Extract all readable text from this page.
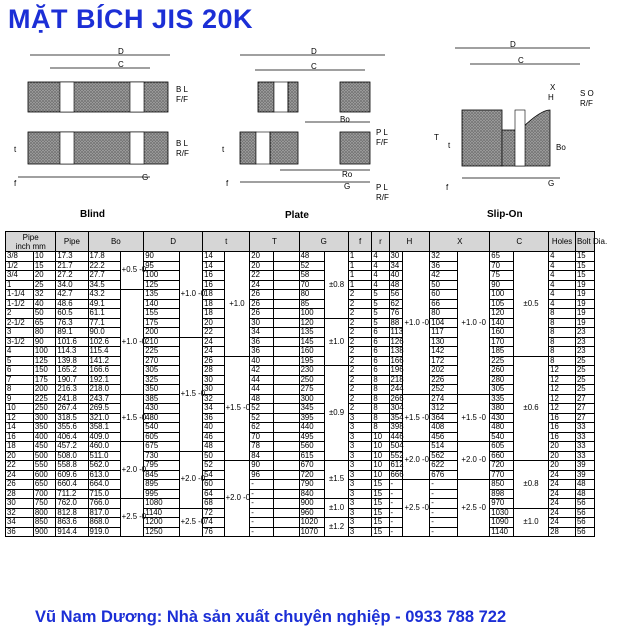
MẶT BÍCH JIS 20K
D
C
B L
F/F
B L
R/F
t
f
G
Blind
D
C
Bo
P L
F/F
P L
R/F
t
f
Ro
G
Plate
D
C
X
H	S O
R/F
Bo
T
t
f	G
Slip-On
Pipe
inch mm		Pipe	Bo		D		t		T		G		f	r	H		X		C		Holes	Bolt Dia.
3/8	10	17.3	17.8	+0.5 -0	90	+1.0 -0	14	+1.0	20		48	±0.8	1	4	30	+1.0 -0	32	+1.0 -0	65	±0.5	4	15
1/2	15	21.7	22.2		95		14		20		52		1	4	34		36		70		4	15
3/4	20	27.2	27.7		100		16		22		58		1	4	40		42		75		4	15
1	25	34.0	34.5		125		16		24		70		1	4	48		50		90		4	19
1-1/4	32	42.7	43.2	+1.0 -0	135		18		26		80		2	5	56		60		100		4	19
1-1/2	40	48.6	49.1		140		18		26		85		2	5	62		66		105		4	19
2	50	60.5	61.1		155		18		26		100		2	5	76		80		120		8	19
2-1/2	65	76.3	77.1		175		20		30		120	±1.0	2	5	88		104		140		8	19
3	80	89.1	90.0		200		22		34		135		2	6	113		117		160		8	23
3-1/2	90	101.6	102.6		210	+1.5 -0	24		36		145		2	6	126		130		170		8	23
4	100	114.3	115.4		225		24		36		160		2	6	138		142		185		8	23
5	125	139.8	141.2		270		26	+1.5 -0	40		195		2	6	166		172		225	±0.6	8	25
6	150	165.2	166.6		305		28		42		230	±0.9	2	6	196		202		260		12	25
7	175	190.7	192.1		325		30		44		250		2	8	218		226		280		12	25
8	200	216.3	218.0		350		30		44		275		2	8	244		252		305		12	25
9	225	241.8	243.7	+1.5 -0	385		32		48		300		2	8	266	+1.5 -0	274	+1.5 -0	335		12	27
10	250	267.4	269.5		430		34		52		345		2	8	304		312		380		12	27
12	300	318.5	321.0		480		36		52		395		3	8	354		364		430		16	27
14	350	355.6	358.1		540		40		62		440		3	8	398		408		480		16	33
16	400	406.4	409.0		605		46		70		495		3	10	446		456		540		16	33
18	450	457.2	460.0	+2.0 -0	675		48		78		560		3	10	504	+2.0 -0	514	+2.0 -0	605		20	33
20	500	508.0	511.0		730	+2.0 -0	50		84		615		3	10	552		562		660		20	33
22	550	558.8	562.0		795		52	+2.0 -0	90		670	±1.5	3	10	612		622		720	±0.8	20	39
24	600	609.6	613.0		845		54		96		720		3	10	666		676		770		24	39
26	650	660.4	664.0		895		60		-		790		3	15	-	+2.5 -0	-	+2.5 -0	850		24	48
28	700	711.2	715.0		995		64		-		840		3	15	-		-		898		24	48
30	750	762.0	766.0	+2.5 -0	1080		68		-		900	±1.0	3	15	-		-		970		24	56
32	800	812.8	817.0		1140	+2.5 -0	72		-		960		3	15	-		-		1030	±1.0	24	56
34	850	863.6	868.0		1200		74		-		1020	±1.2	3	15	-		-		1090		24	56
36	900	914.4	919.0		1250		76		-		1070		3	15	-		-		1140		28	56
Vũ Nam Dương: Nhà sản xuất chuyên nghiệp - 0933 788 722
